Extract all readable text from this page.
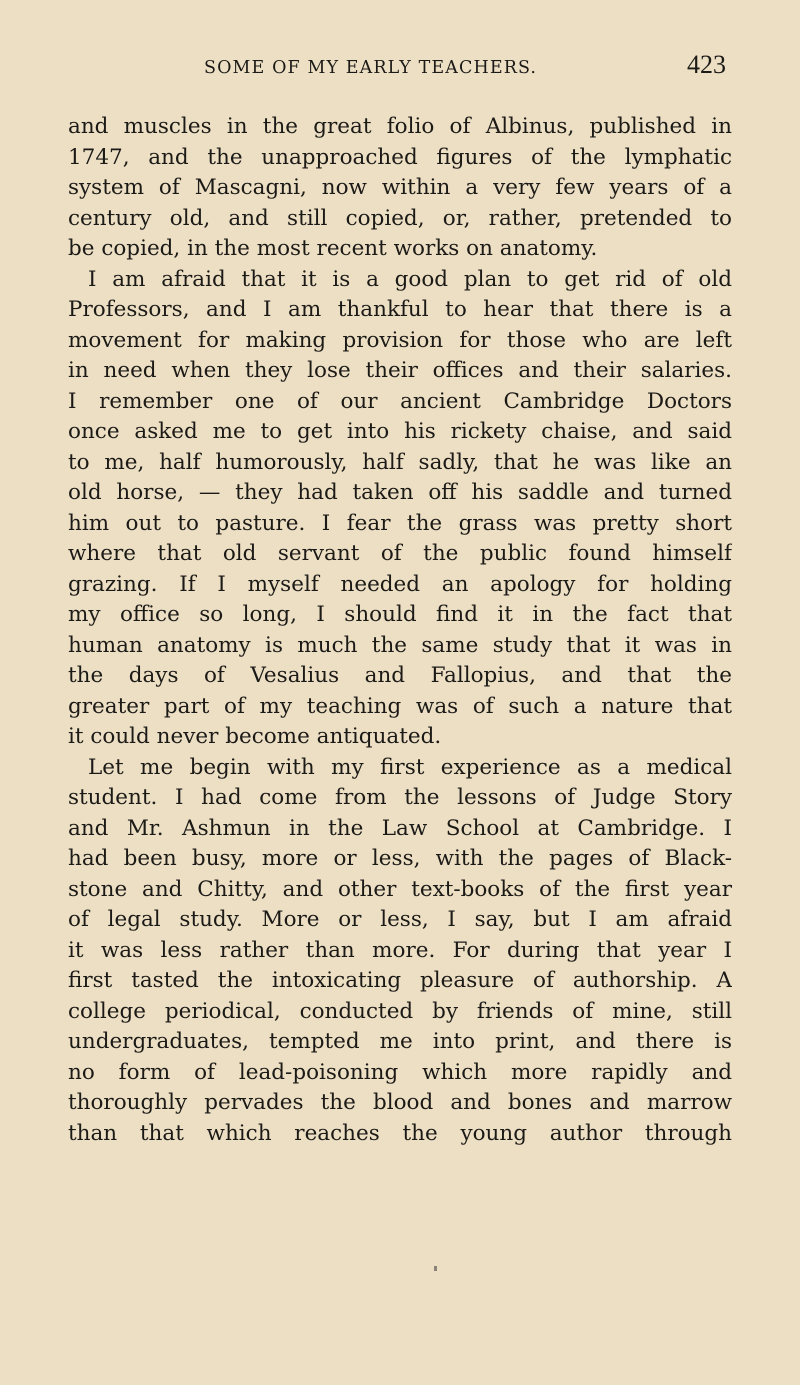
SOME OF MY EARLY TEACHERS.	423
and muscles in the great folio of Albinus, published in
1747, and the unapproached figures of the lymphatic
system of Mascagni, now within a very few years of a
century old, and still copied, or, rather, pretended to
be copied, in the most recent works on anatomy.
I am afraid that it is a good plan to get rid of old
Professors, and I am thankful to hear that there is a
movement for making provision for those who are left
in need when they lose their offices and their salaries.
I remember one of our ancient Cambridge Doctors
once asked me to get into his rickety chaise, and said
to me, half humorously, half sadly, that he was like an
old horse, — they had taken off his saddle and turned
him out to pasture. I fear the grass was pretty short
where that old servant of the public found himself
grazing. If I myself needed an apology for holding
my office so long, I should find it in the fact that
human anatomy is much the same study that it was in
the days of Vesalius and Fallopius, and that the
greater part of my teaching was of such a nature that
it could never become antiquated.
Let me begin with my first experience as a medical
student. I had come from the lessons of Judge Story
and Mr. Ashmun in the Law School at Cambridge. I
had been busy, more or less, with the pages of Black-
stone and Chitty, and other text-books of the first year
of legal study. More or less, I say, but I am afraid
it was less rather than more. For during that year I
first tasted the intoxicating pleasure of authorship. A
college periodical, conducted by friends of mine, still
undergraduates, tempted me into print, and there is
no form of lead-poisoning which more rapidly and
thoroughly pervades the blood and bones and marrow
than that which reaches the young author through
